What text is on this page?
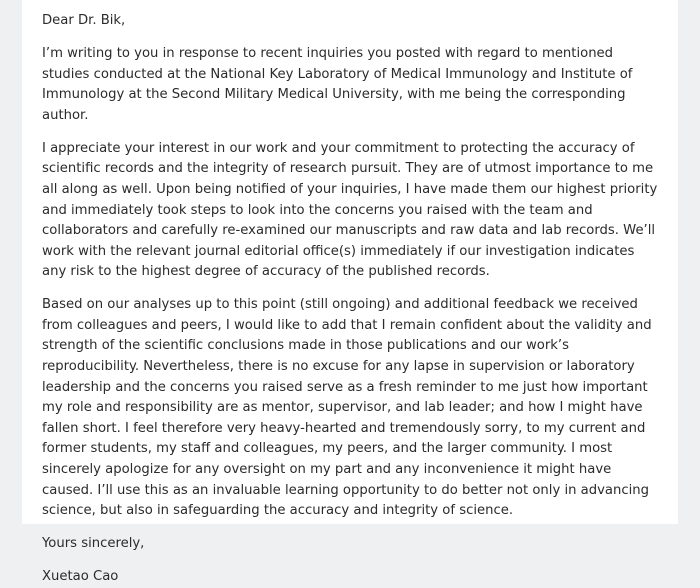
Dear Dr. Bik,

I’m writing to you in response to recent inquiries you posted with regard to mentioned studies conducted at the National Key Laboratory of Medical Immunology and Institute of Immunology at the Second Military Medical University, with me being the corresponding author.

I appreciate your interest in our work and your commitment to protecting the accuracy of scientific records and the integrity of research pursuit. They are of utmost importance to me all along as well. Upon being notified of your inquiries, I have made them our highest priority and immediately took steps to look into the concerns you raised with the team and collaborators and carefully re-examined our manuscripts and raw data and lab records. We’ll work with the relevant journal editorial office(s) immediately if our investigation indicates any risk to the highest degree of accuracy of the published records.

Based on our analyses up to this point (still ongoing) and additional feedback we received from colleagues and peers, I would like to add that I remain confident about the validity and strength of the scientific conclusions made in those publications and our work’s reproducibility. Nevertheless, there is no excuse for any lapse in supervision or laboratory leadership and the concerns you raised serve as a fresh reminder to me just how important my role and responsibility are as mentor, supervisor, and lab leader; and how I might have fallen short. I feel therefore very heavy-hearted and tremendously sorry, to my current and former students, my staff and colleagues, my peers, and the larger community. I most sincerely apologize for any oversight on my part and any inconvenience it might have caused. I’ll use this as an invaluable learning opportunity to do better not only in advancing science, but also in safeguarding the accuracy and integrity of science.

Yours sincerely,

Xuetao Cao
